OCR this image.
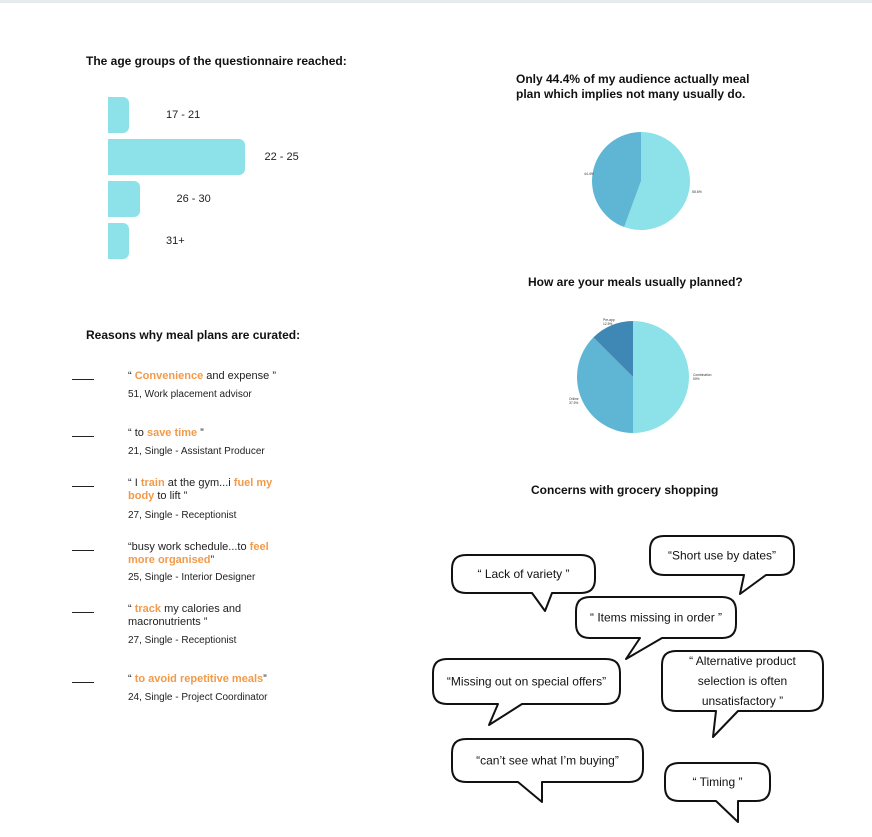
The age groups of the questionnaire reached:
17 - 21
22 - 25
26 - 30
31+
Only 44.4% of my audience actually meal
plan which implies not many usually do.
44.4%
55.6%
How are your meals usually planned?
Combination
50%
Online
37.5%
Pre-app
12.5%
Reasons why meal plans are curated:
“ Convenience and expense ”
51, Work placement advisor
“ to save time ”
21, Single - Assistant Producer
“ I train at the gym...i fuel my body to lift ”
27, Single - Receptionist
“busy work schedule...to feel more organised”
25, Single - Interior Designer
“ track my calories and macronutrients ”
27, Single - Receptionist
“ to avoid repetitive meals”
24, Single - Project Coordinator
Concerns with grocery shopping
“ Lack of variety ”
“Short use by dates”
“ Items missing in order ”
“Missing out on special offers”
“ Alternative product
selection is often
unsatisfactory ”
“can’t see what I’m buying”
“ Timing ”
